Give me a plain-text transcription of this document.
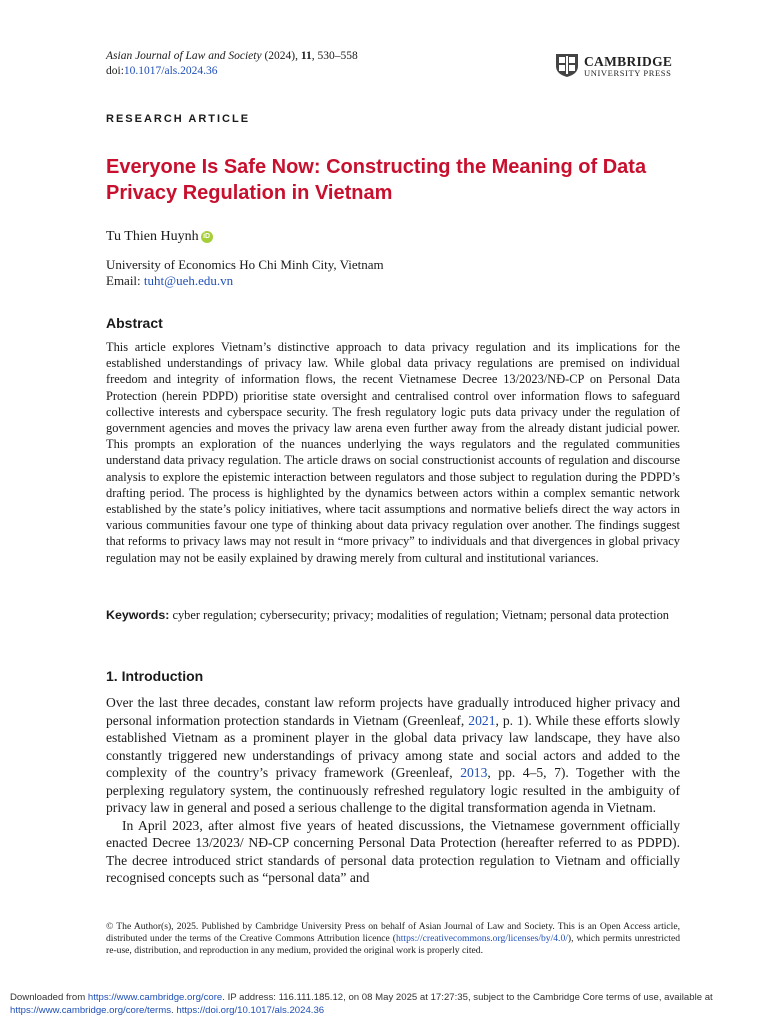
Asian Journal of Law and Society (2024), 11, 530–558
doi:10.1017/als.2024.36
CAMBRIDGE
UNIVERSITY PRESS
RESEARCH ARTICLE
Everyone Is Safe Now: Constructing the Meaning of Data Privacy Regulation in Vietnam
Tu Thien Huynh iD
University of Economics Ho Chi Minh City, Vietnam
Email: tuht@ueh.edu.vn
Abstract

This article explores Vietnam’s distinctive approach to data privacy regulation and its implications for the established understandings of privacy law. While global data privacy regulations are premised on individual freedom and integrity of information flows, the recent Vietnamese Decree 13/2023/NĐ-CP on Personal Data Protection (herein PDPD) prioritise state oversight and centralised control over information flows to safeguard collective interests and cyberspace security. The fresh regulatory logic puts data privacy under the regulation of government agencies and moves the privacy law arena even further away from the already distant judicial power. This prompts an exploration of the nuances underlying the ways regulators and the regulated communities understand data privacy regulation. The article draws on social constructionist accounts of regulation and discourse analysis to explore the epistemic interaction between regulators and those subject to regulation during the PDPD’s drafting period. The process is highlighted by the dynamics between actors within a complex semantic network established by the state’s policy initiatives, where tacit assumptions and normative beliefs direct the way actors in various communities favour one type of thinking about data privacy regulation over another. The findings suggest that reforms to privacy laws may not result in “more privacy” to individuals and that divergences in global privacy regulation may not be easily explained by drawing merely from cultural and institutional variances.

Keywords: cyber regulation; cybersecurity; privacy; modalities of regulation; Vietnam; personal data protection

1. Introduction

Over the last three decades, constant law reform projects have gradually introduced higher privacy and personal information protection standards in Vietnam (Greenleaf, 2021, p. 1). While these efforts slowly established Vietnam as a prominent player in the global data privacy law landscape, they have also constantly triggered new understandings of privacy among state and social actors and added to the complexity of the country’s privacy framework (Greenleaf, 2013, pp. 4–5, 7). Together with the perplexing regulatory system, the continuously refreshed regulatory logic resulted in the ambiguity of privacy law in general and posed a serious challenge to the digital transformation agenda in Vietnam.

In April 2023, after almost five years of heated discussions, the Vietnamese government officially enacted Decree 13/2023/ NĐ-CP concerning Personal Data Protection (hereafter referred to as PDPD). The decree introduced strict standards of personal data protection regulation to Vietnam and officially recognised concepts such as “personal data” and

© The Author(s), 2025. Published by Cambridge University Press on behalf of Asian Journal of Law and Society. This is an Open Access article, distributed under the terms of the Creative Commons Attribution licence (https://creativecommons.org/licenses/by/4.0/), which permits unrestricted re-use, distribution, and reproduction in any medium, provided the original work is properly cited.

Downloaded from https://www.cambridge.org/core. IP address: 116.111.185.12, on 08 May 2025 at 17:27:35, subject to the Cambridge Core terms of use, available at https://www.cambridge.org/core/terms. https://doi.org/10.1017/als.2024.36
